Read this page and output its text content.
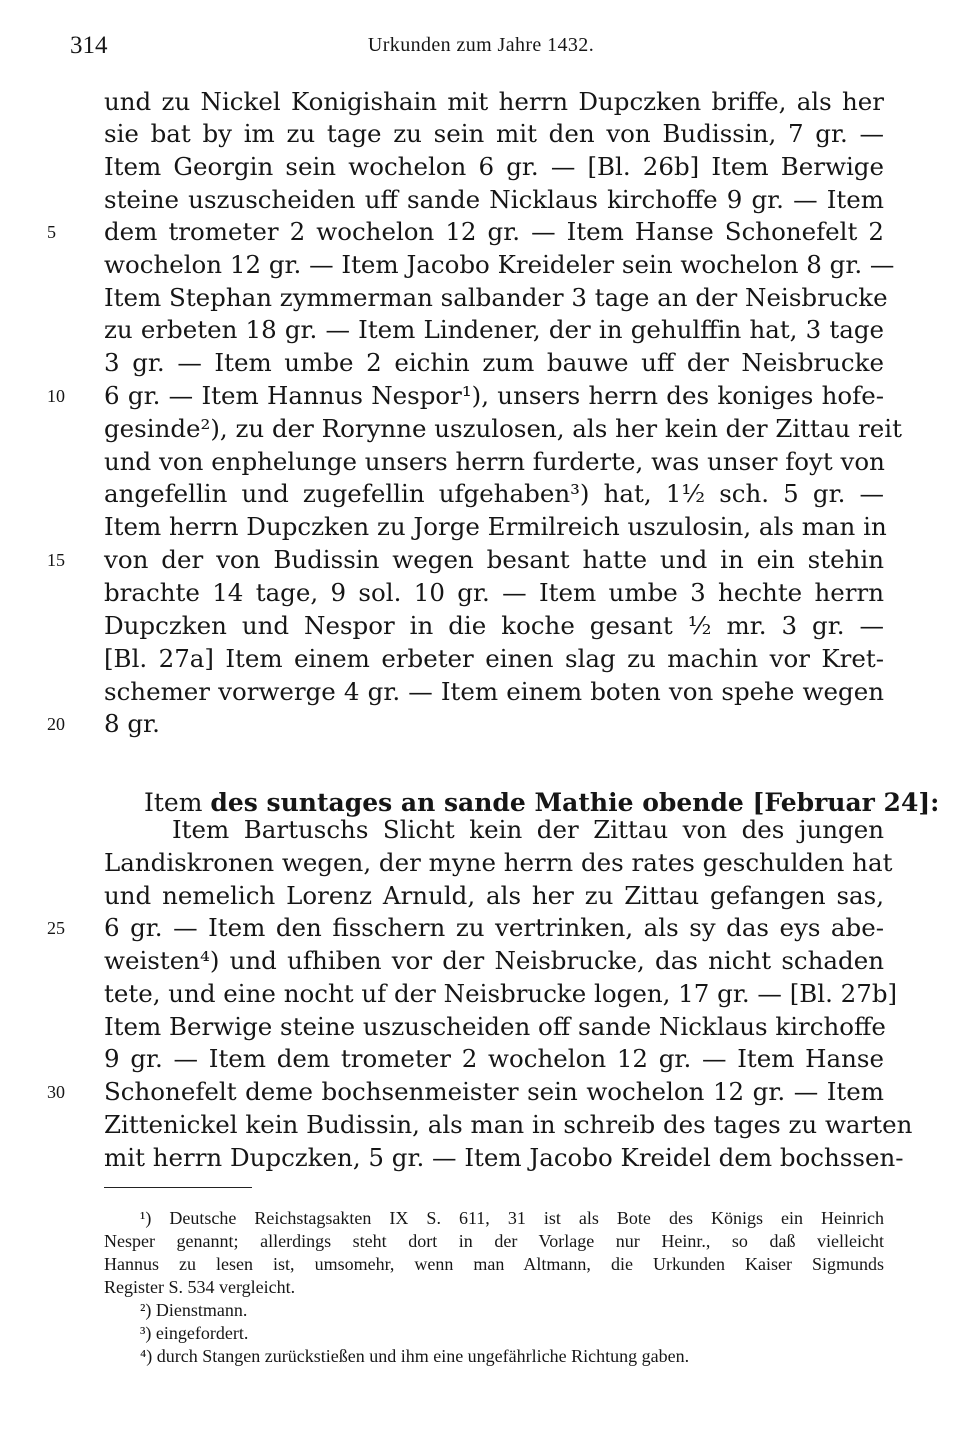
314	Urkunden zum Jahre 1432.
und zu Nickel Konigishain mit herrn Dupczken briffe, als her
sie bat by im zu tage zu sein mit den von Budissin, 7 gr. —
Item Georgin sein wochelon 6 gr. — [Bl. 26b] Item Berwige
steine uszuscheiden uff sande Nicklaus kirchoffe 9 gr. — Item
dem trometer 2 wochelon 12 gr. — Item Hanse Schonefelt 2
wochelon 12 gr. — Item Jacobo Kreideler sein wochelon 8 gr. —
Item Stephan zymmerman salbander 3 tage an der Neisbrucke
zu erbeten 18 gr. — Item Lindener, der in gehulffin hat, 3 tage
3 gr. — Item umbe 2 eichin zum bauwe uff der Neisbrucke
6 gr. — Item Hannus Nespor¹), unsers herrn des koniges hofe-
gesinde²), zu der Rorynne uszulosen, als her kein der Zittau reit
und von enphelunge unsers herrn furderte, was unser foyt von
angefellin und zugefellin ufgehaben³) hat, 1½ sch. 5 gr. —
Item herrn Dupczken zu Jorge Ermilreich uszulosin, als man in
von der von Budissin wegen besant hatte und in ein stehin
brachte 14 tage, 9 sol. 10 gr. — Item umbe 3 hechte herrn
Dupczken und Nespor in die koche gesant ½ mr. 3 gr. —
[Bl. 27a] Item einem erbeter einen slag zu machin vor Kret-
schemer vorwerge 4 gr. — Item einem boten von spehe wegen
8 gr.
5
10
15
20
25
30
Item des suntages an sande Mathie obende [Februar 24]:
Item Bartuschs Slicht kein der Zittau von des jungen
Landiskronen wegen, der myne herrn des rates geschulden hat
und nemelich Lorenz Arnuld, als her zu Zittau gefangen sas,
6 gr. — Item den fisschern zu vertrinken, als sy das eys abe-
weisten⁴) und ufhiben vor der Neisbrucke, das nicht schaden
tete, und eine nocht uf der Neisbrucke logen, 17 gr. — [Bl. 27b]
Item Berwige steine uszuscheiden off sande Nicklaus kirchoffe
9 gr. — Item dem trometer 2 wochelon 12 gr. — Item Hanse
Schonefelt deme bochsenmeister sein wochelon 12 gr. — Item
Zittenickel kein Budissin, als man in schreib des tages zu warten
mit herrn Dupczken, 5 gr. — Item Jacobo Kreidel dem bochssen-
¹) Deutsche Reichstagsakten IX S. 611, 31 ist als Bote des Königs ein Heinrich
Nesper genannt; allerdings steht dort in der Vorlage nur Heinr., so daß vielleicht
Hannus zu lesen ist, umsomehr, wenn man Altmann, die Urkunden Kaiser Sigmunds
Register S. 534 vergleicht.
²) Dienstmann.
³) eingefordert.
⁴) durch Stangen zurückstießen und ihm eine ungefährliche Richtung gaben.
